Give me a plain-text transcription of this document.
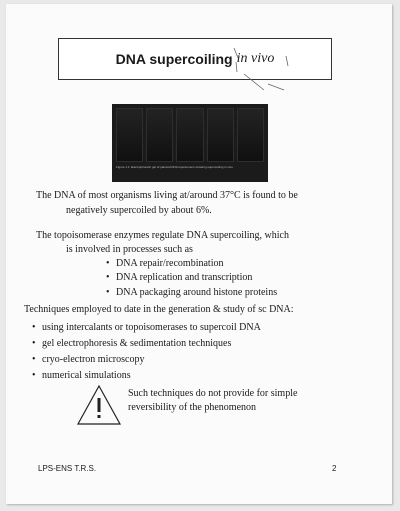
DNA supercoiling in vivo
Figure 1.1: Electrophoretic gel of plasmid DNA topoisomers showing supercoiling in vivo.
The DNA of most organisms living at/around 37°C is found to be
negatively supercoiled by about 6%.
The topoisomerase enzymes regulate DNA supercoiling, which
is involved in processes such as
• DNA repair/recombination
• DNA replication and transcription
• DNA packaging around histone proteins
Techniques employed to date in the generation & study of sc DNA:
• using intercalants or topoisomerases to supercoil DNA
• gel electrophoresis & sedimentation techniques
• cryo-electron microscopy
• numerical simulations
Such techniques do not provide for simple
reversibility of the phenomenon
LPS-ENS T.R.S.	2
